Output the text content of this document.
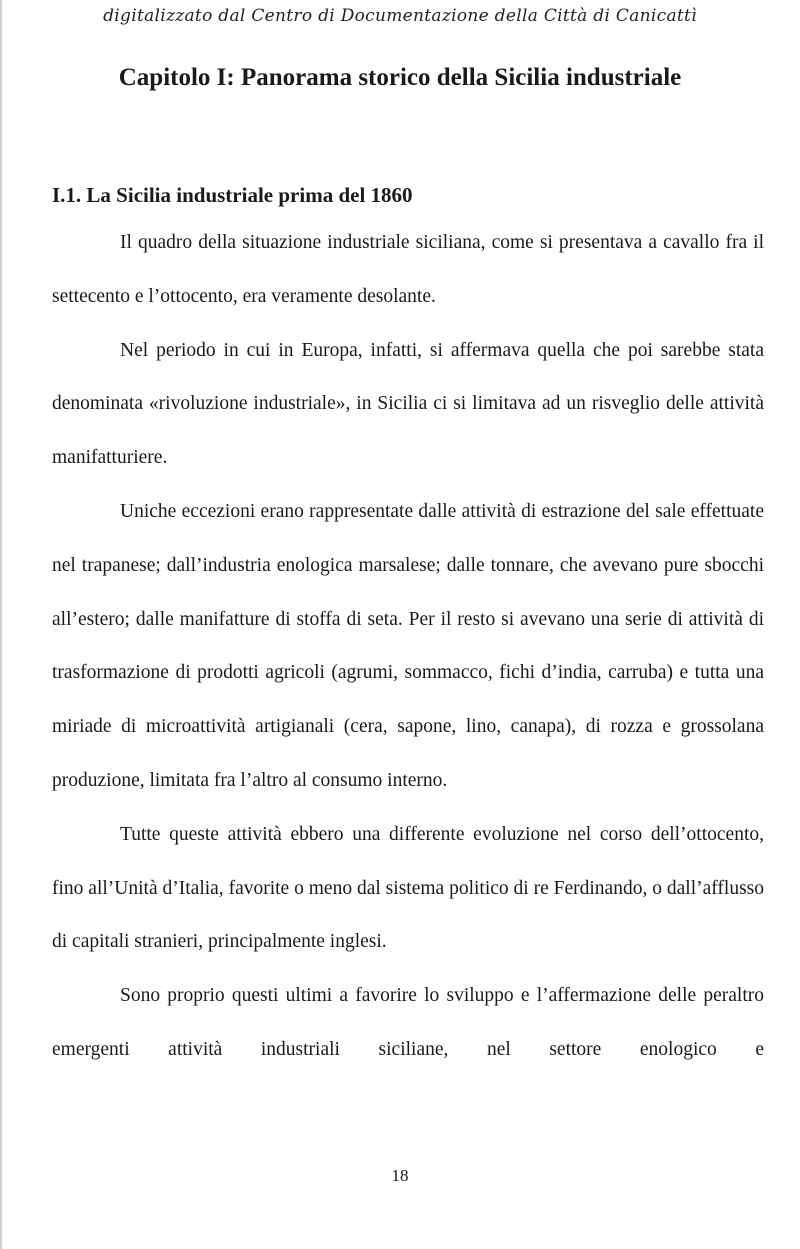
digitalizzato dal Centro di Documentazione della Città di Canicattì
Capitolo I: Panorama storico della Sicilia industriale
I.1. La Sicilia industriale prima del 1860

Il quadro della situazione industriale siciliana, come si presentava a cavallo fra il settecento e l’ottocento, era veramente desolante.

Nel periodo in cui in Europa, infatti, si affermava quella che poi sarebbe stata denominata «rivoluzione industriale», in Sicilia ci si limitava ad un risveglio delle attività manifatturiere.

Uniche eccezioni erano rappresentate dalle attività di estrazione del sale effettuate nel trapanese; dall’industria enologica marsalese; dalle tonnare, che avevano pure sbocchi all’estero; dalle manifatture di stoffa di seta. Per il resto si avevano una serie di attività di trasformazione di prodotti agricoli (agrumi, sommacco, fichi d’india, carruba) e tutta una miriade di microattività artigianali (cera, sapone, lino, canapa), di rozza e grossolana produzione, limitata fra l’altro al consumo interno.

Tutte queste attività ebbero una differente evoluzione nel corso dell’ottocento, fino all’Unità d’Italia, favorite o meno dal sistema politico di re Ferdinando, o dall’afflusso di capitali stranieri, principalmente inglesi.

Sono proprio questi ultimi a favorire lo sviluppo e l’affermazione delle peraltro emergenti attività industriali siciliane, nel settore enologico e

18
